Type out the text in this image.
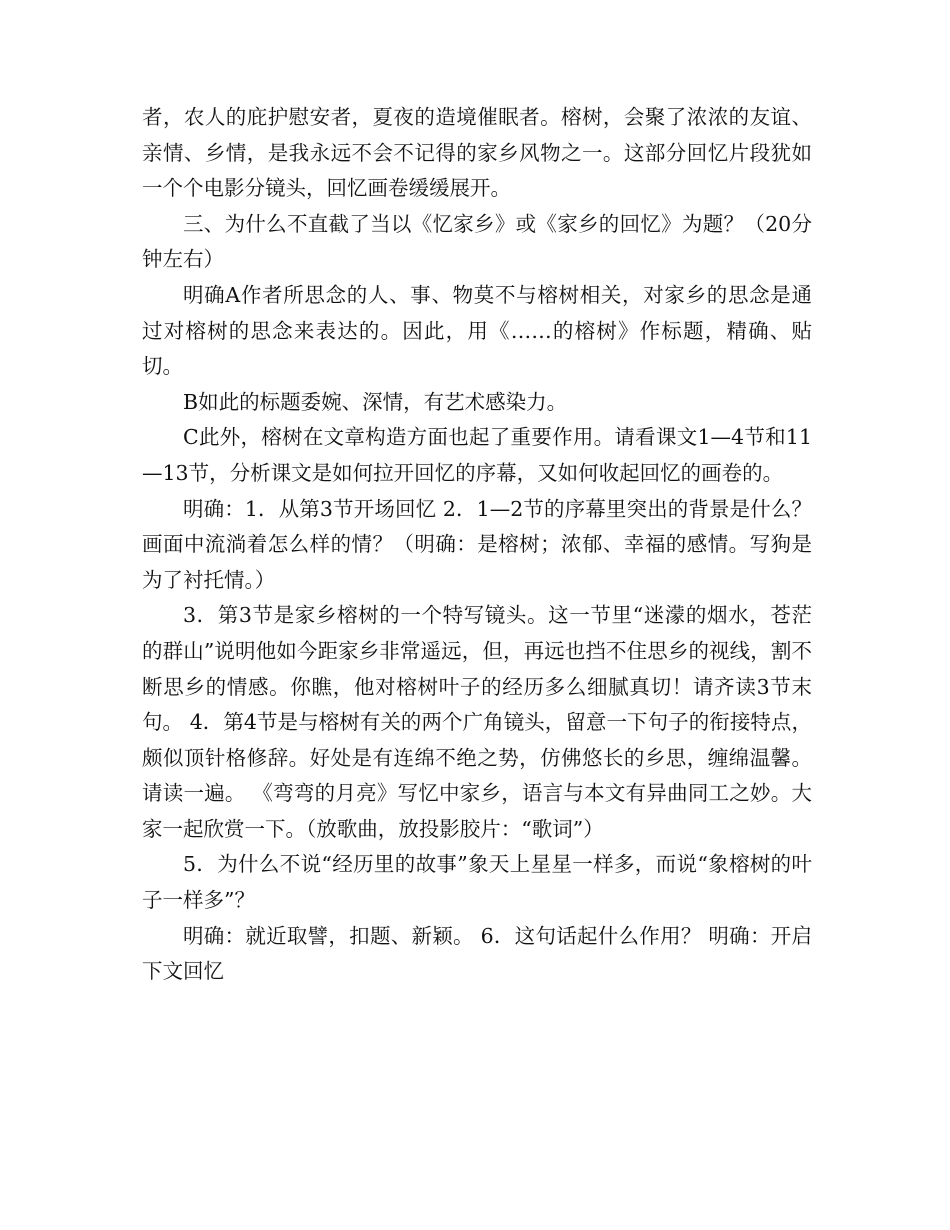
者，农人的庇护慰安者，夏夜的造境催眠者。榕树，会聚了浓浓的友谊、亲情、乡情，是我永远不会不记得的家乡风物之一。这部分回忆片段犹如一个个电影分镜头，回忆画卷缓缓展开。

三、为什么不直截了当以《忆家乡》或《家乡的回忆》为题？（20分钟左右）

明确A作者所思念的人、事、物莫不与榕树相关，对家乡的思念是通过对榕树的思念来表达的。因此，用《……的榕树》作标题，精确、贴切。

B如此的标题委婉、深情，有艺术感染力。

C此外，榕树在文章构造方面也起了重要作用。请看课文1—4节和11—13节，分析课文是如何拉开回忆的序幕，又如何收起回忆的画卷的。

明确：1．从第3节开场回忆 2．1—2节的序幕里突出的背景是什么？画面中流淌着怎么样的情？（明确：是榕树；浓郁、幸福的感情。写狗是为了衬托情。）

3．第3节是家乡榕树的一个特写镜头。这一节里“迷濛的烟水，苍茫的群山”说明他如今距家乡非常遥远，但，再远也挡不住思乡的视线，割不断思乡的情感。你瞧，他对榕树叶子的经历多么细腻真切！请齐读3节末句。 4．第4节是与榕树有关的两个广角镜头，留意一下句子的衔接特点，颇似顶针格修辞。好处是有连绵不绝之势，仿佛悠长的乡思，缠绵温馨。请读一遍。 《弯弯的月亮》写忆中家乡，语言与本文有异曲同工之妙。大家一起欣赏一下。（放歌曲，放投影胶片：“歌词”）

5．为什么不说“经历里的故事”象天上星星一样多，而说“象榕树的叶子一样多”？

明确：就近取譬，扣题、新颖。 6．这句话起什么作用？ 明确：开启下文回忆
